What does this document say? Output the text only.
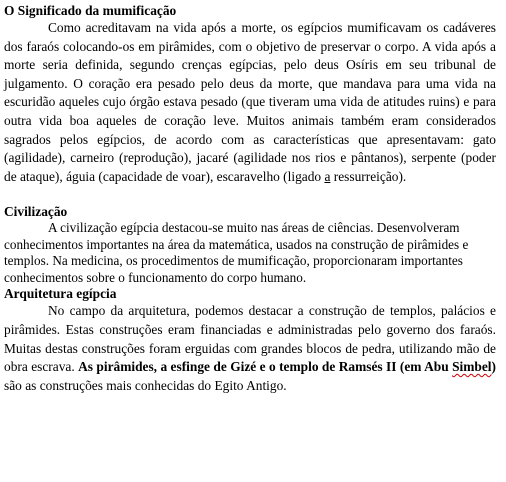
O Significado da mumificação

Como acreditavam na vida após a morte, os egípcios mumificavam os cadáveres dos faraós colocando-os em pirâmides, com o objetivo de preservar o corpo. A vida após a morte seria definida, segundo crenças egípcias, pelo deus Osíris em seu tribunal de julgamento. O coração era pesado pelo deus da morte, que mandava para uma vida na escuridão aqueles cujo órgão estava pesado (que tiveram uma vida de atitudes ruins) e para outra vida boa aqueles de coração leve. Muitos animais também eram considerados sagrados pelos egípcios, de acordo com as características que apresentavam: gato (agilidade), carneiro (reprodução), jacaré (agilidade nos rios e pântanos), serpente (poder de ataque), águia (capacidade de voar), escaravelho (ligado a ressurreição).

Civilização

A civilização egípcia destacou-se muito nas áreas de ciências. Desenvolveram conhecimentos importantes na área da matemática, usados na construção de pirâmides e templos. Na medicina, os procedimentos de mumificação, proporcionaram importantes conhecimentos sobre o funcionamento do corpo humano.

Arquitetura egípcia

No campo da arquitetura, podemos destacar a construção de templos, palácios e pirâmides. Estas construções eram financiadas e administradas pelo governo dos faraós. Muitas destas construções foram erguidas com grandes blocos de pedra, utilizando mão de obra escrava. As pirâmides, a esfinge de Gizé e o templo de Ramsés II (em Abu Simbel) são as construções mais conhecidas do Egito Antigo.
